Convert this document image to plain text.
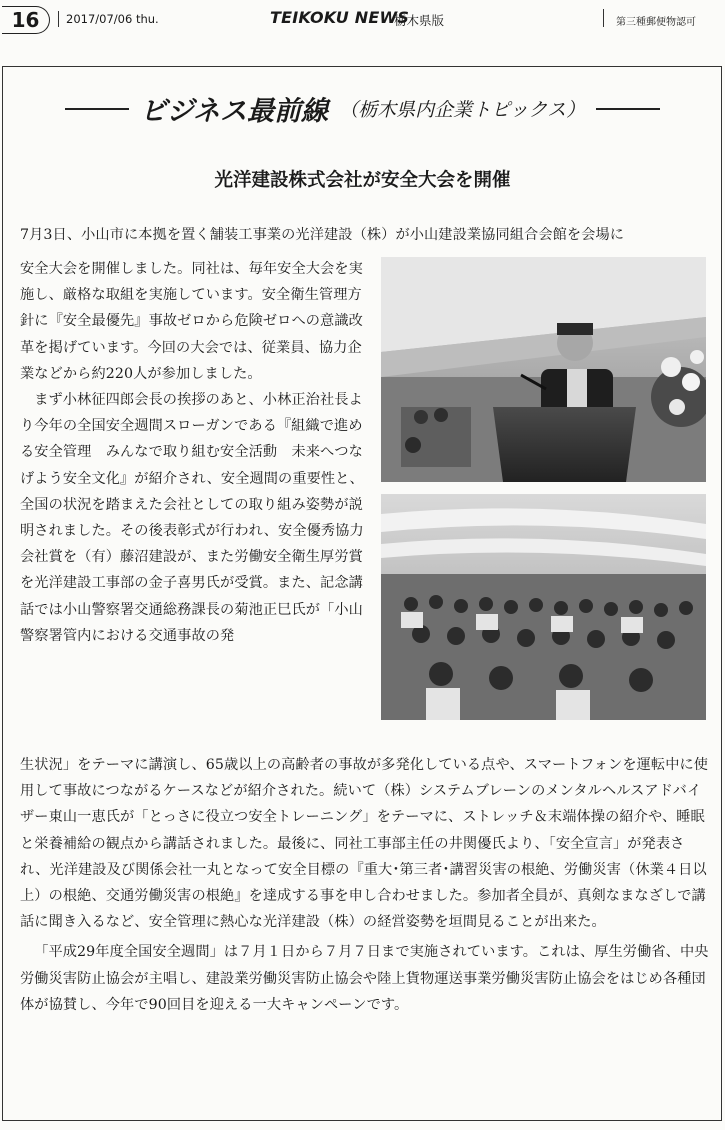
16	2017/07/06 thu.	TEIKOKU NEWS
栃木県版	第三種郵便物認可
ビジネス最前線 （栃木県内企業トピックス）
光洋建設株式会社が安全大会を開催
7月3日、小山市に本拠を置く舗装工事業の光洋建設（株）が小山建設業協同組合会館を会場に

安全大会を開催しました。同社は、毎年安全大会を実施し、厳格な取組を実施しています。安全衛生管理方針に『安全最優先』事故ゼロから危険ゼロへの意識改革を掲げています。今回の大会では、従業員、協力企業などから約220人が参加しました。

まず小林征四郎会長の挨拶のあと、小林正治社長より今年の全国安全週間スローガンである『組織で進める安全管理　みんなで取り組む安全活動　未来へつなげよう安全文化』が紹介され、安全週間の重要性と、全国の状況を踏まえた会社としての取り組み姿勢が説明されました。その後表彰式が行われ、安全優秀協力会社賞を（有）藤沼建設が、また労働安全衛生厚労賞を光洋建設工事部の金子喜男氏が受賞。また、記念講話では小山警察署交通総務課長の菊池正巳氏が「小山警察署管内における交通事故の発

生状況」をテーマに講演し、65歳以上の高齢者の事故が多発化している点や、スマートフォンを運転中に使用して事故につながるケースなどが紹介された。続いて（株）システムブレーンのメンタルヘルスアドバイザー東山一恵氏が「とっさに役立つ安全トレーニング」をテーマに、ストレッチ＆末端体操の紹介や、睡眠と栄養補給の観点から講話されました。最後に、同社工事部主任の井関優氏より、「安全宣言」が発表され、光洋建設及び関係会社一丸となって安全目標の『重大･第三者･講習災害の根絶、労働災害（休業４日以上）の根絶、交通労働災害の根絶』を達成する事を申し合わせました。参加者全員が、真剣なまなざしで講話に聞き入るなど、安全管理に熱心な光洋建設（株）の経営姿勢を垣間見ることが出来た。

「平成29年度全国安全週間」は７月１日から７月７日まで実施されています。これは、厚生労働省、中央労働災害防止協会が主唱し、建設業労働災害防止協会や陸上貨物運送事業労働災害防止協会をはじめ各種団体が協賛し、今年で90回目を迎える一大キャンペーンです。
